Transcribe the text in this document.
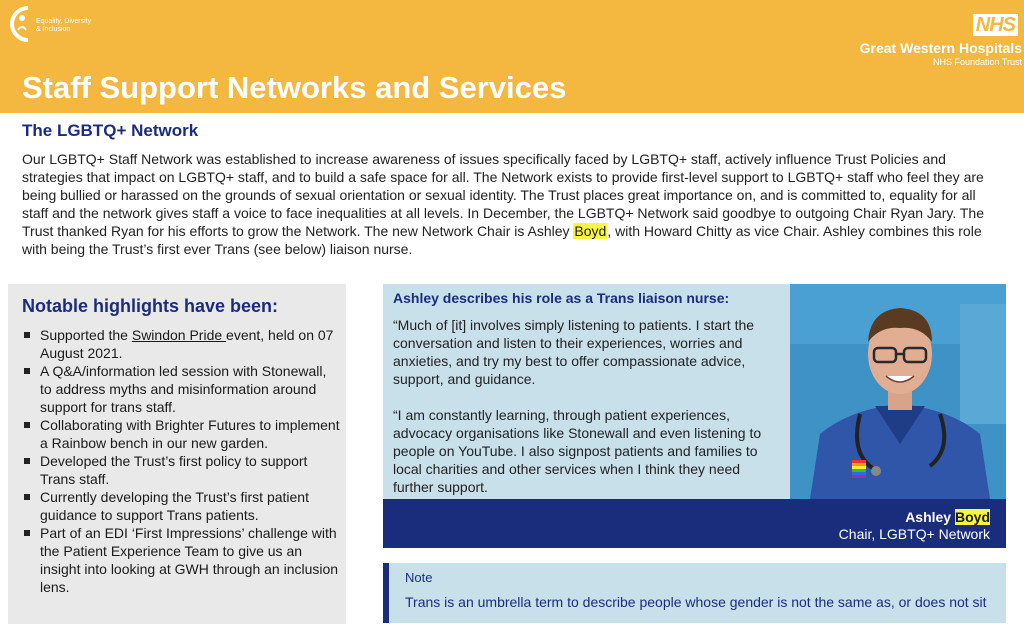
Equality, Diversity & Inclusion	NHS
Great Western Hospitals
NHS Foundation Trust
Staff Support Networks and Services
The LGBTQ+ Network

Our LGBTQ+ Staff Network was established to increase awareness of issues specifically faced by LGBTQ+ staff, actively influence Trust Policies and strategies that impact on LGBTQ+ staff, and to build a safe space for all. The Network exists to provide first-level support to LGBTQ+ staff who feel they are being bullied or harassed on the grounds of sexual orientation or sexual identity. The Trust places great importance on, and is committed to, equality for all staff and the network gives staff a voice to face inequalities at all levels. In December, the LGBTQ+ Network said goodbye to outgoing Chair Ryan Jary. The Trust thanked Ryan for his efforts to grow the Network. The new Network Chair is Ashley Boyd, with Howard Chitty as vice Chair. Ashley combines this role with being the Trust’s first ever Trans (see below) liaison nurse.

Notable highlights have been:
Supported the Swindon Pride event, held on 07 August 2021.
A Q&A/information led session with Stonewall, to address myths and misinformation around support for trans staff.
Collaborating with Brighter Futures to implement a Rainbow bench in our new garden.
Developed the Trust’s first policy to support Trans staff.
Currently developing the Trust’s first patient guidance to support Trans patients.
Part of an EDI ‘First Impressions’ challenge with the Patient Experience Team to give us an insight into looking at GWH through an inclusion lens.
Ashley describes his role as a Trans liaison nurse:

“Much of [it] involves simply listening to patients. I start the conversation and listen to their experiences, worries and anxieties, and try my best to offer compassionate advice, support, and guidance.

“I am constantly learning, through patient experiences, advocacy organisations like Stonewall and even listening to people on YouTube. I also signpost patients and families to local charities and other services when I think they need further support.

Ashley Boyd
Chair, LGBTQ+ Network
Note
Trans is an umbrella term to describe people whose gender is not the same as, or does not sit
